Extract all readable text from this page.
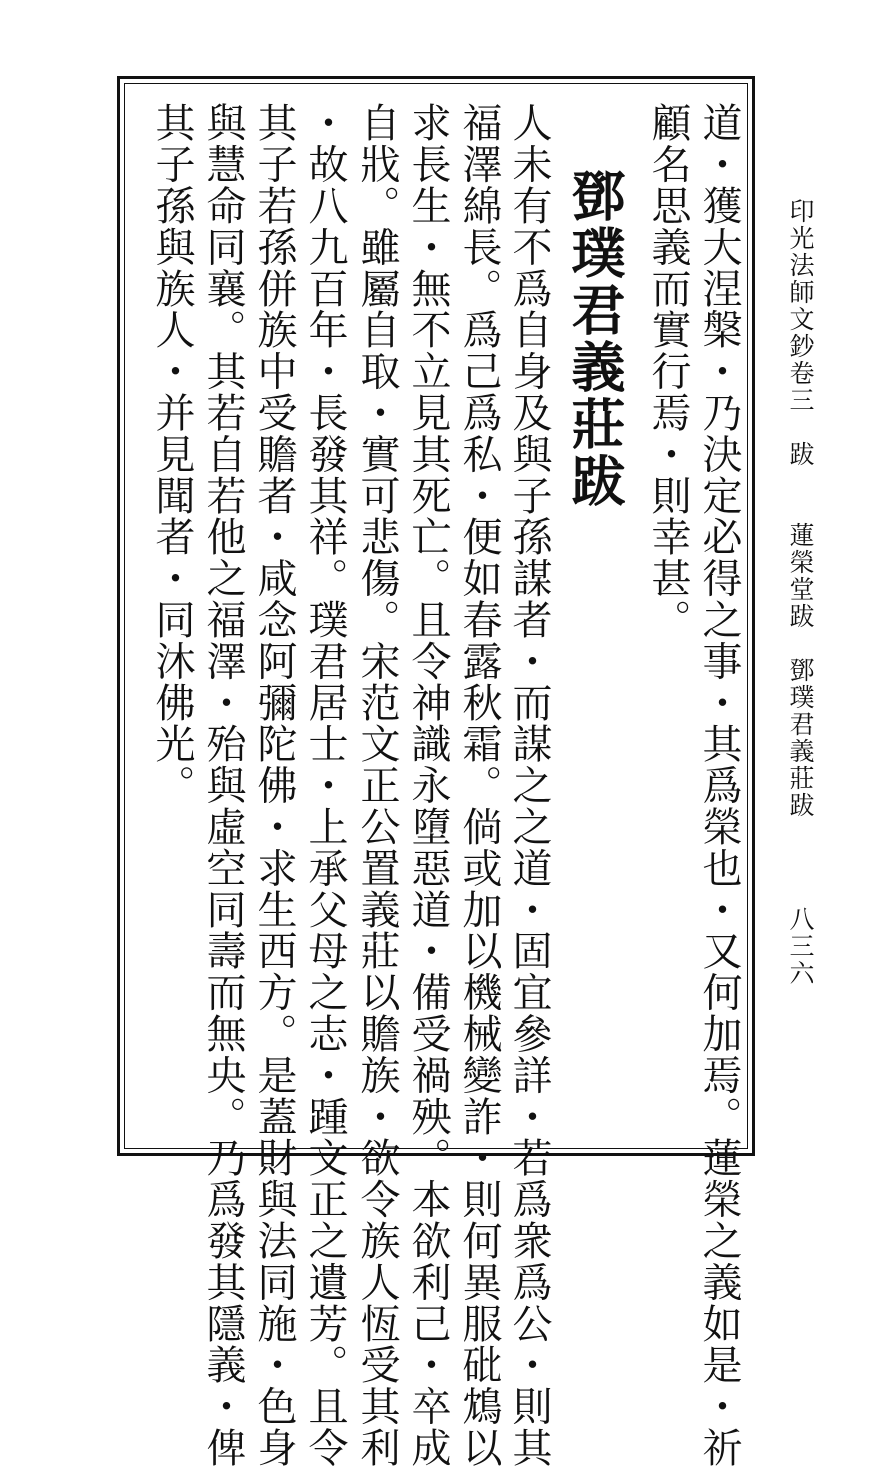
印光法師文鈔卷三　跋　　蓮榮堂跋　鄧璞君義莊跋
八三六
道・獲大涅槃・乃決定必得之事・其爲榮也・又何加焉。蓮榮之義如是・祈
顧名思義而實行焉・則幸甚。
鄧璞君義莊跋
人未有不爲自身及與子孫謀者・而謀之之道・固宜參詳・若爲衆爲公・則其
福澤綿長。爲己爲私・便如春露秋霜。倘或加以機械變詐・則何異服砒鴆以
求長生・無不立見其死亡。且令神識永墮惡道・備受禍殃。本欲利己・卒成
自戕。雖屬自取・實可悲傷。宋范文正公置義莊以贍族・欲令族人恆受其利
・故八九百年・長發其祥。璞君居士・上承父母之志・踵文正之遺芳。且令
其子若孫併族中受贍者・咸念阿彌陀佛・求生西方。是蓋財與法同施・色身
與慧命同襄。其若自若他之福澤・殆與虛空同壽而無央。乃爲發其隱義・俾
其子孫與族人・并見聞者・同沐佛光。
